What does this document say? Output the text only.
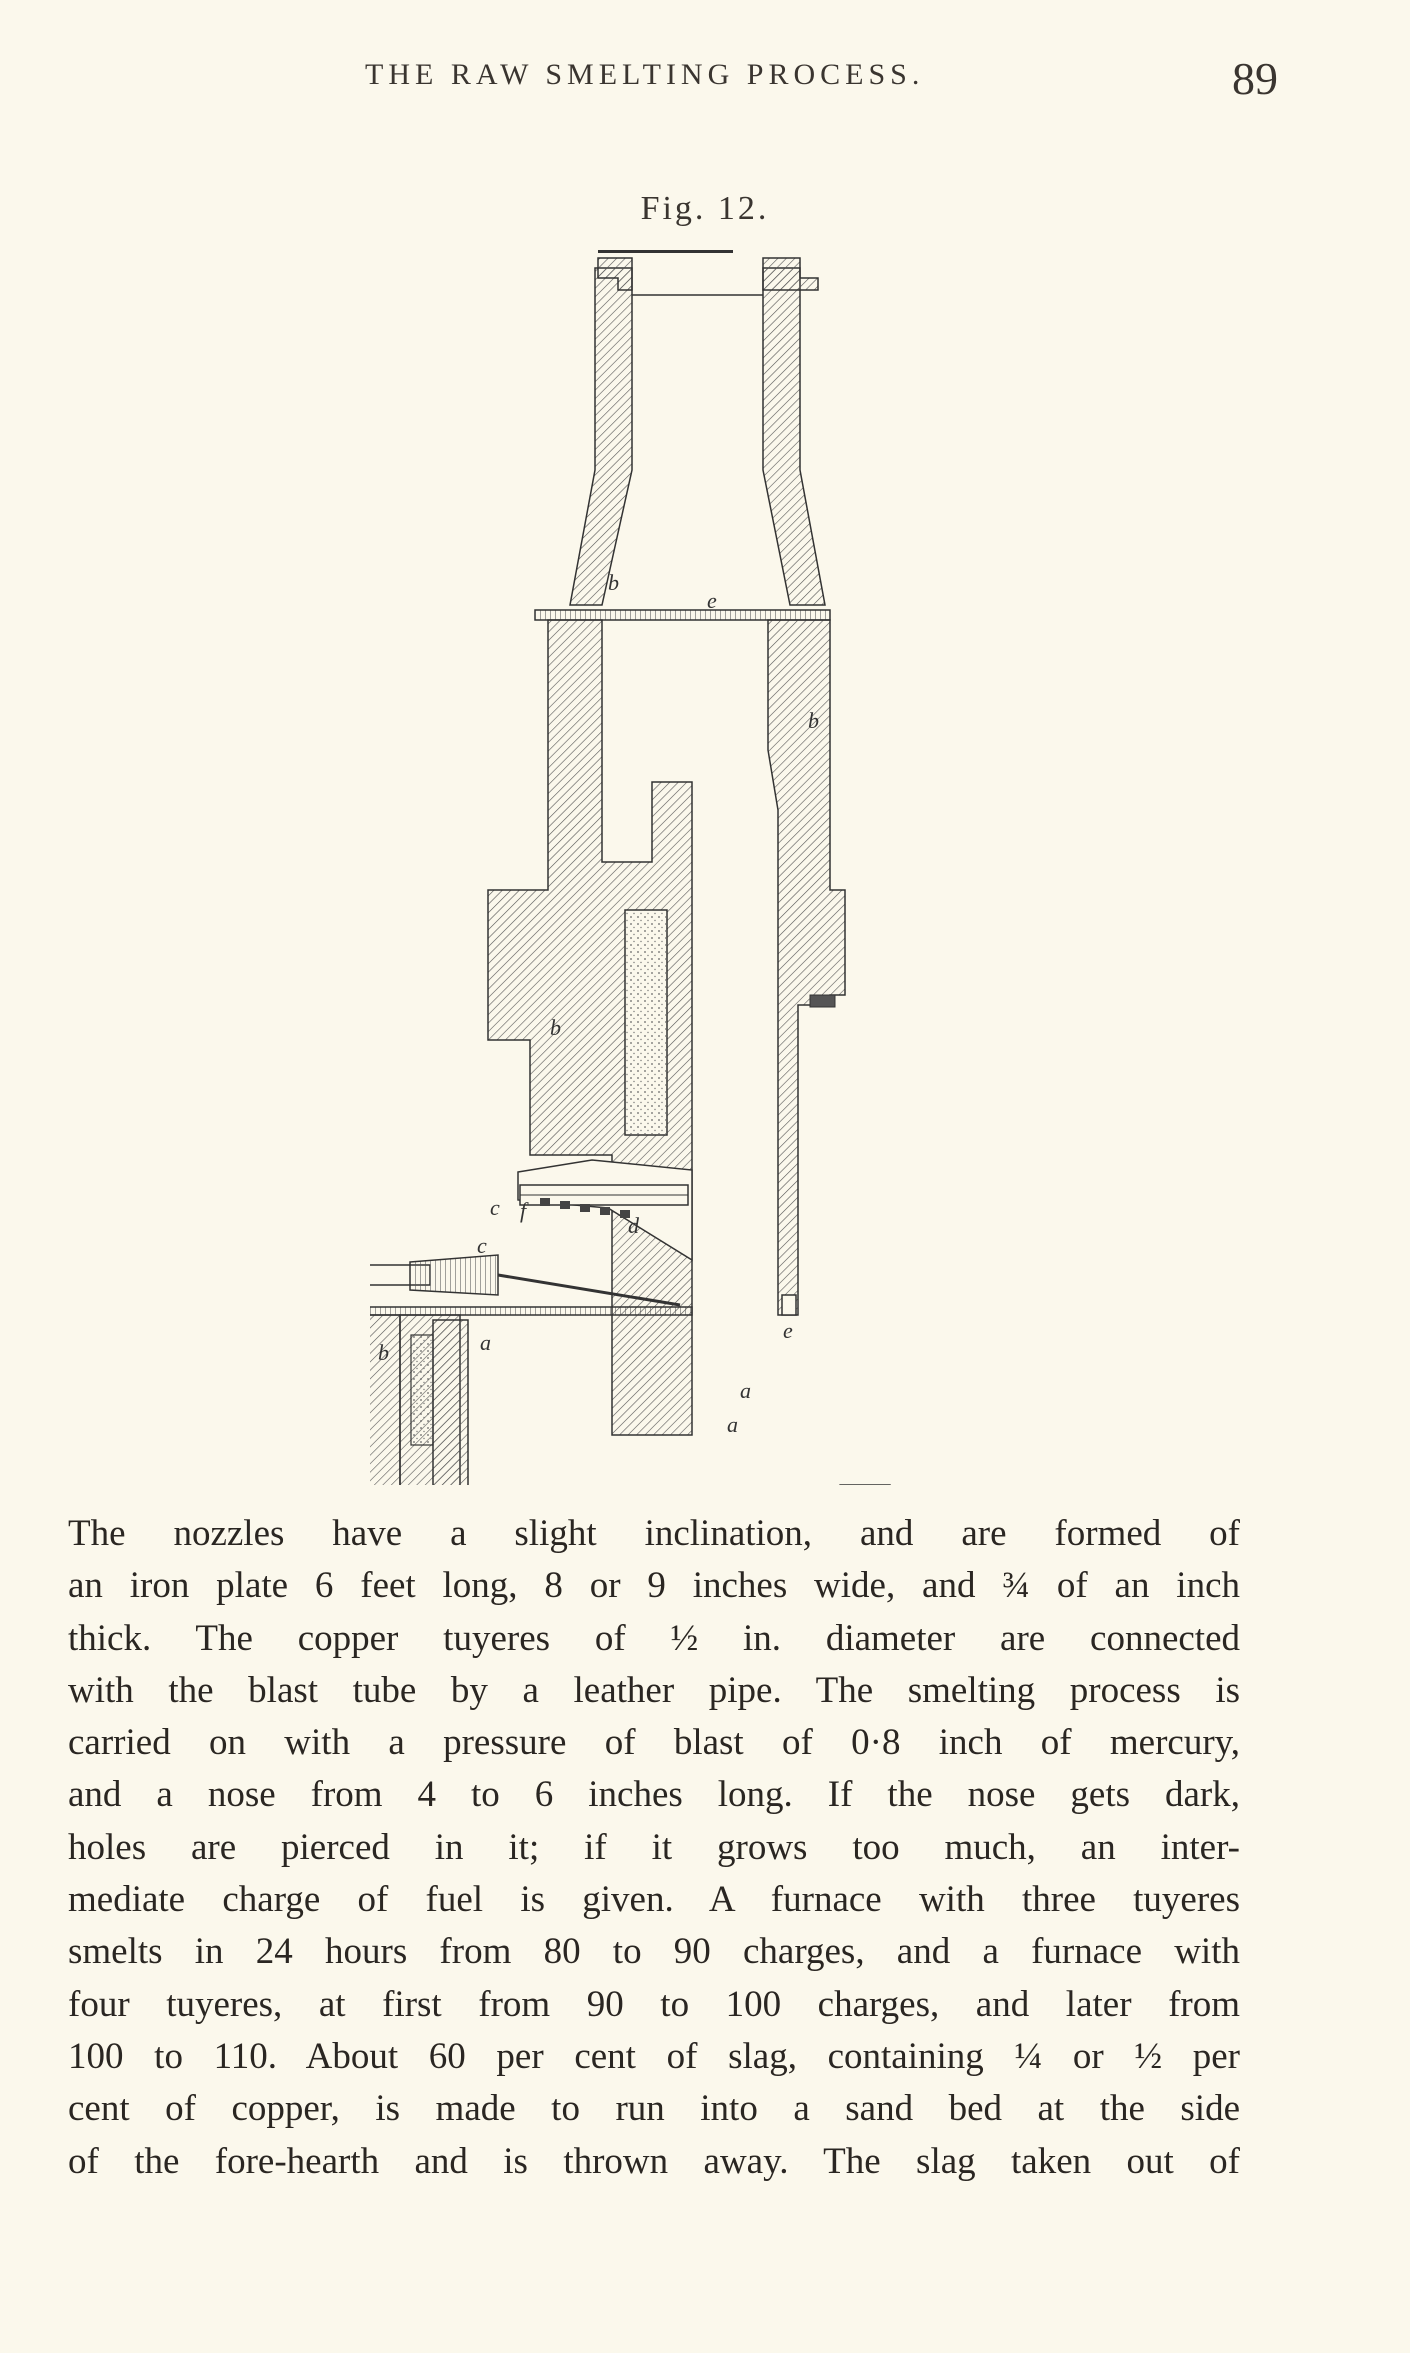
THE RAW SMELTING PROCESS.	89
Fig. 12.
b
e
b
b
c f
d
c
b	a	e
a
a
The nozzles have a slight inclination, and are formed of
an iron plate 6 feet long, 8 or 9 inches wide, and ¾ of an inch
thick. The copper tuyeres of ½ in. diameter are connected
with the blast tube by a leather pipe. The smelting process is
carried on with a pressure of blast of 0·8 inch of mercury,
and a nose from 4 to 6 inches long. If the nose gets dark,
holes are pierced in it; if it grows too much, an inter-
mediate charge of fuel is given. A furnace with three tuyeres
smelts in 24 hours from 80 to 90 charges, and a furnace with
four tuyeres, at first from 90 to 100 charges, and later from
100 to 110. About 60 per cent of slag, containing ¼ or ½ per
cent of copper, is made to run into a sand bed at the side
of the fore-hearth and is thrown away. The slag taken out of
